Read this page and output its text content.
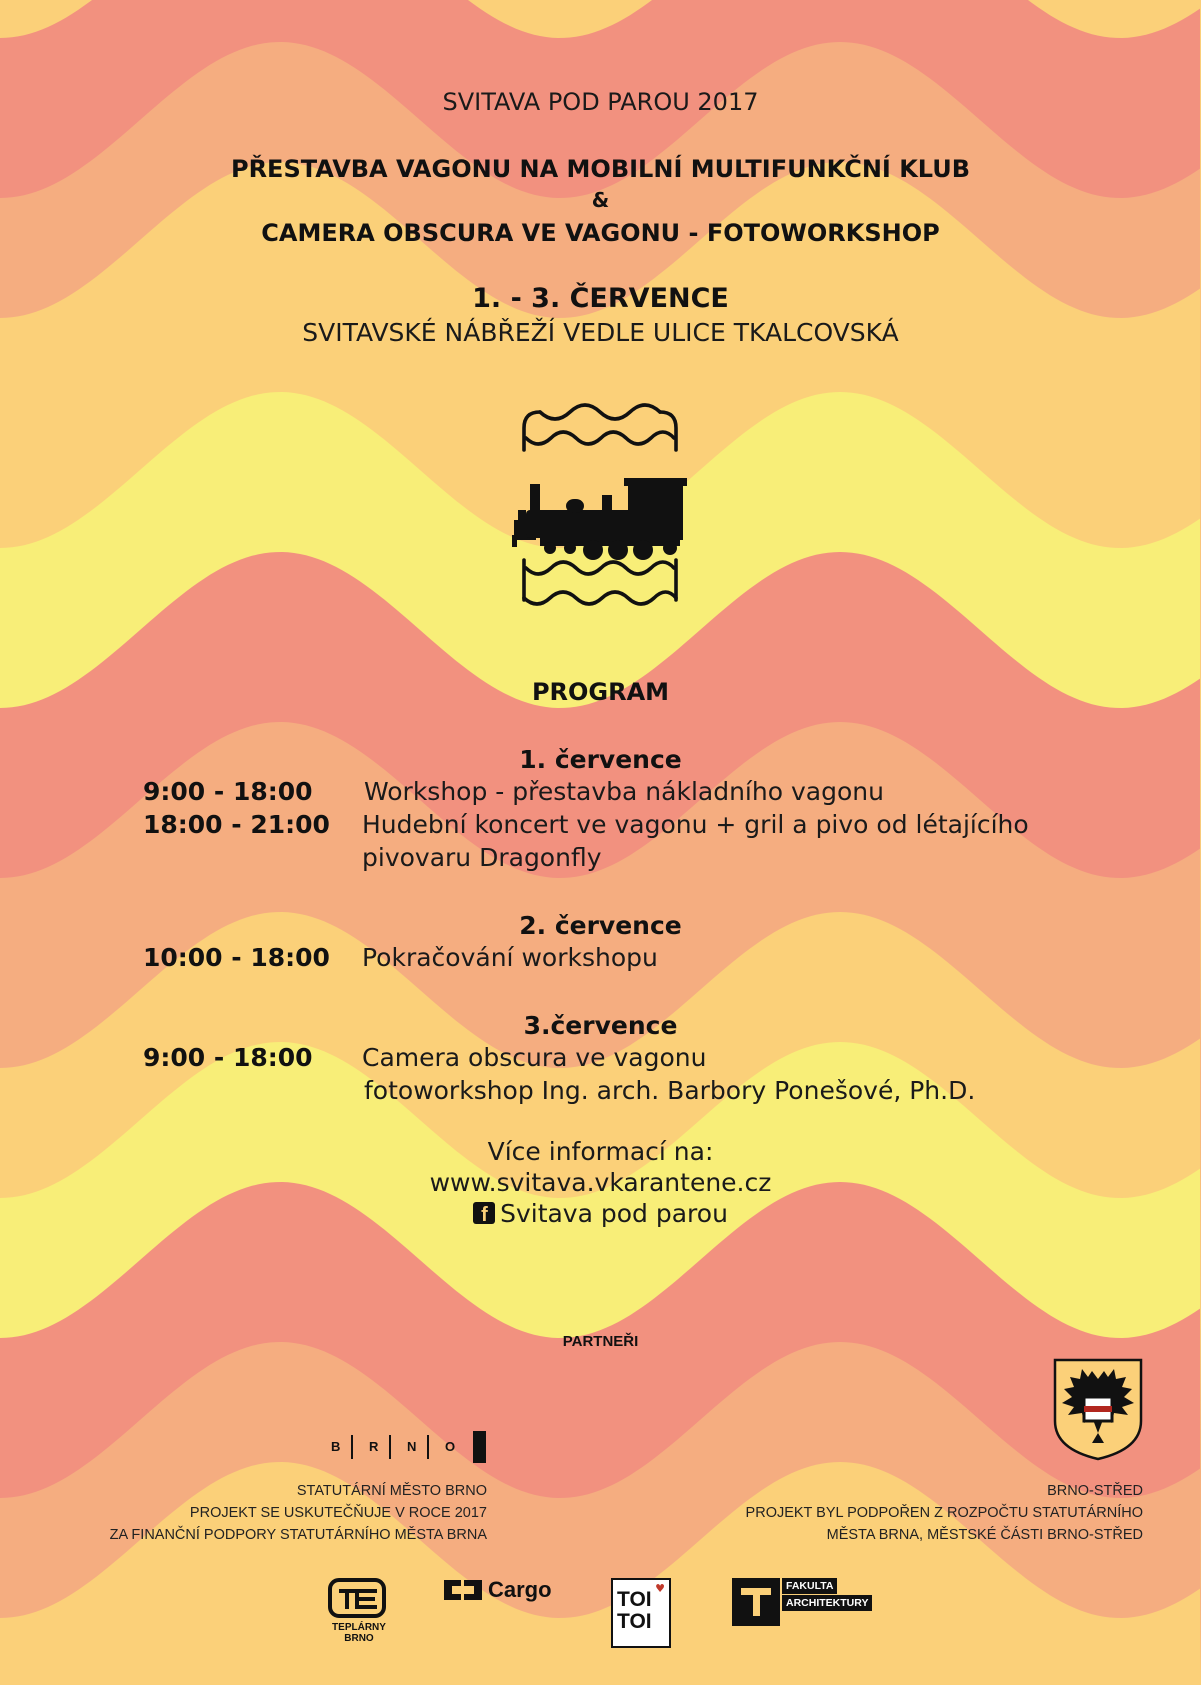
SVITAVA POD PAROU 2017
PŘESTAVBA VAGONU NA MOBILNÍ MULTIFUNKČNÍ KLUB
&
CAMERA OBSCURA VE VAGONU - FOTOWORKSHOP
1. - 3. ČERVENCE
SVITAVSKÉ NÁBŘEŽÍ VEDLE ULICE TKALCOVSKÁ
PROGRAM
1. července
9:00 - 18:00 Workshop - přestavba nákladního vagonu
18:00 - 21:00 Hudební koncert ve vagonu + gril a pivo od létajícího
pivovaru Dragonfly
2. července
10:00 - 18:00 Pokračování workshopu
3.července
9:00 - 18:00 Camera obscura ve vagonu
fotoworkshop Ing. arch. Barbory Ponešové, Ph.D.
Více informací na:
www.svitava.vkarantene.cz
f Svitava pod parou
PARTNEŘI
B R N O
STATUTÁRNÍ MĚSTO BRNO
PROJEKT SE USKUTEČŇUJE V ROCE 2017
ZA FINANČNÍ PODPORY STATUTÁRNÍHO MĚSTA BRNA
BRNO-STŘED
PROJEKT BYL PODPOŘEN Z ROZPOČTU STATUTÁRNÍHO
MĚSTA BRNA, MĚSTSKÉ ČÁSTI BRNO-STŘED
TEPLÁRNY
BRNO
Cargo	TOI
TOI
♥	FAKULTA
ARCHITEKTURY
